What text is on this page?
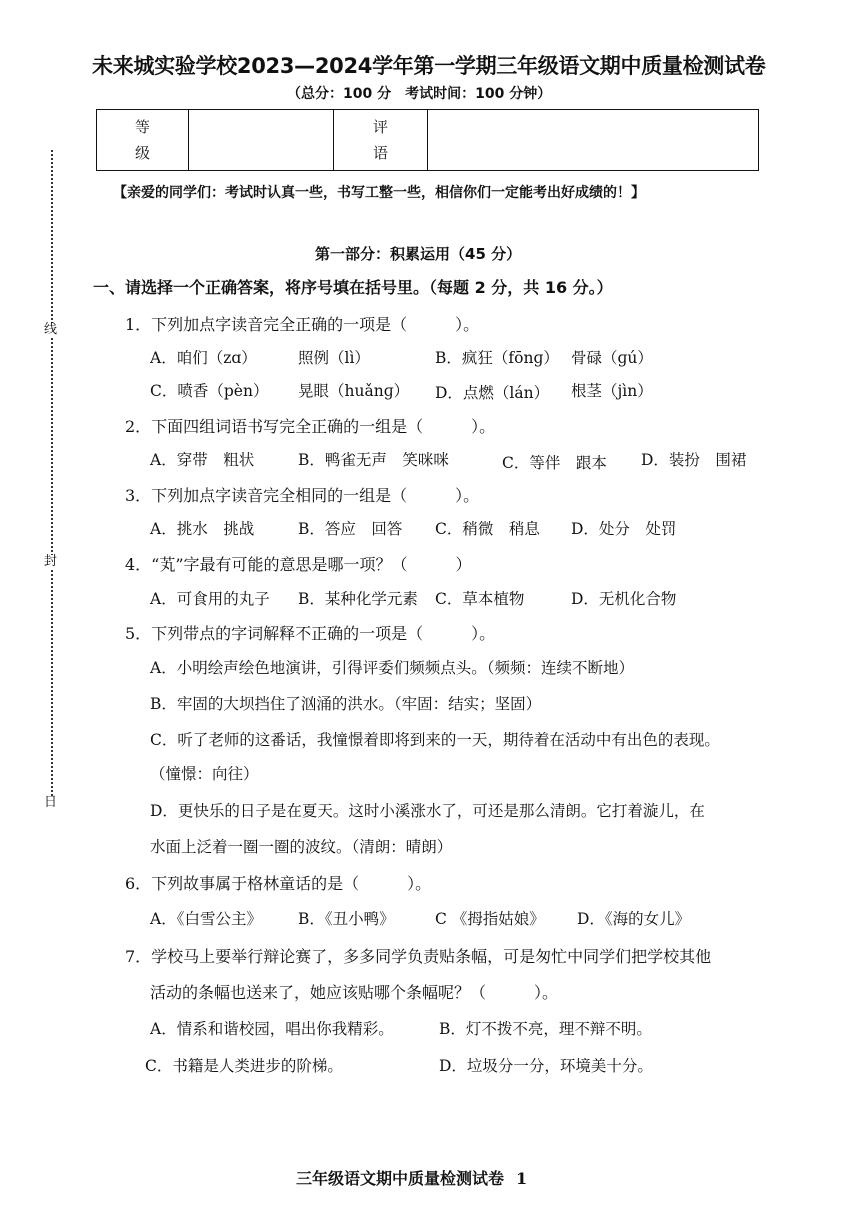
线
封
日
未来城实验学校2023—2024学年第一学期三年级语文期中质量检测试卷
（总分：100 分　考试时间：100 分钟）
等
级

评
语

【亲爱的同学们：考试时认真一些，书写工整一些，相信你们一定能考出好成绩的！】
第一部分：积累运用（45 分）
一、请选择一个正确答案，将序号填在括号里。（每题 2 分，共 16 分。）
1．下列加点字读音完全正确的一项是（　　　）。
A．咱们（zɑ）	照例（lì）	B．疯狂（fōnɡ） 骨碌（ɡú）
C．喷香（pèn） 晃眼（huǎnɡ） D．点燃（lán） 根茎（jìn）
2．下面四组词语书写完全正确的一组是（　　　）。
A．穿带　粗状	B．鸭雀无声　笑咪咪	C．等伴　跟本 D．装扮　围裙
3．下列加点字读音完全相同的一组是（　　　）。
A．挑水　挑战	B．答应　回答 C．稍微　稍息 D．处分　处罚
4．“芄”字最有可能的意思是哪一项？（　　　）
A．可食用的丸子 B．某种化学元素 C．草本植物	D．无机化合物
5．下列带点的字词解释不正确的一项是（　　　）。
A．小明绘声绘色地演讲，引得评委们频频点头。（频频：连续不断地）
B．牢固的大坝挡住了汹涌的洪水。（牢固：结实；坚固）
C．听了老师的这番话，我憧憬着即将到来的一天，期待着在活动中有出色的表现。
（憧憬：向往）
D．更快乐的日子是在夏天。这时小溪涨水了，可还是那么清朗。它打着漩儿，在
水面上泛着一圈一圈的波纹。（清朗：晴朗）
6．下列故事属于格林童话的是（　　　）。
A．《白雪公主》 B．《丑小鸭》	C 《拇指姑娘》 D．《海的女儿》
7．学校马上要举行辩论赛了，多多同学负责贴条幅，可是匆忙中同学们把学校其他
活动的条幅也送来了，她应该贴哪个条幅呢？（　　　）。
A．情系和谐校园，唱出你我精彩。	B．灯不拨不亮，理不辩不明。
C．书籍是人类进步的阶梯。	D．垃圾分一分，环境美十分。
三年级语文期中质量检测试卷 1
